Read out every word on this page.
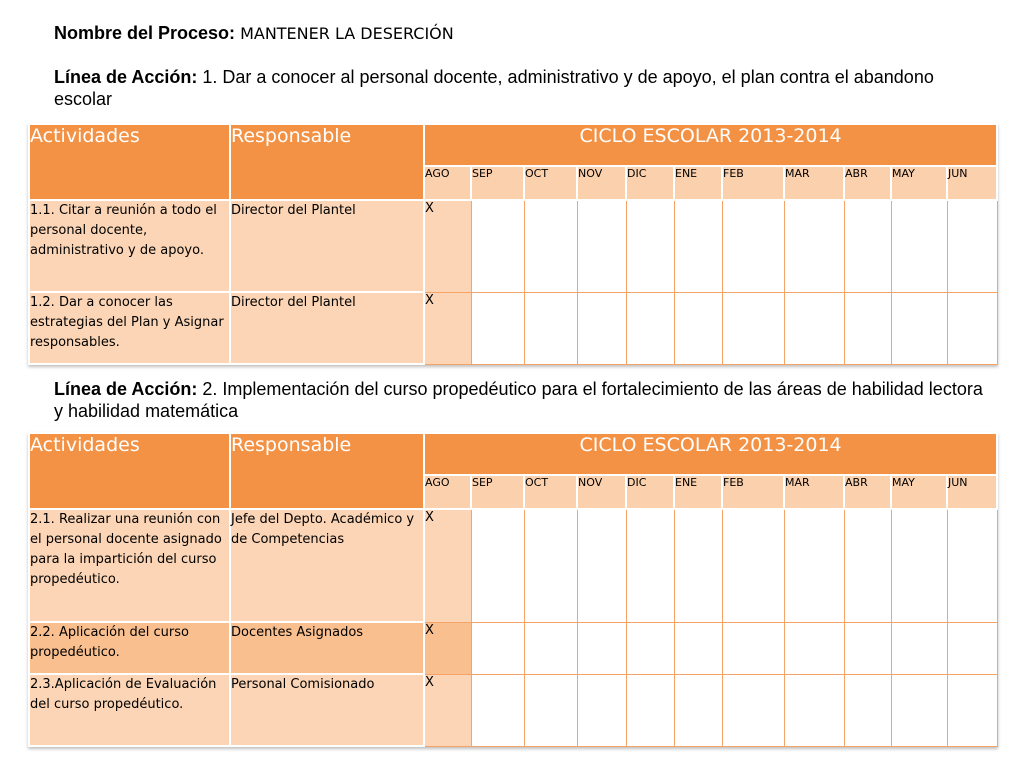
Nombre del Proceso: MANTENER LA DESERCIÓN
Línea de Acción: 1. Dar a conocer al personal docente, administrativo y de apoyo, el plan contra el abandono escolar
Actividades	Responsable	CICLO ESCOLAR 2013-2014										
		AGO	SEP	OCT	NOV	DIC	ENE	FEB	MAR	ABR	MAY	JUN
1.1. Citar a reunión a todo el personal docente, administrativo y de apoyo.	Director del Plantel	X										
1.2. Dar a conocer las estrategias del Plan y Asignar responsables.	Director del Plantel	X										
Línea de Acción: 2. Implementación del curso propedéutico para el fortalecimiento de las áreas de habilidad lectora y habilidad matemática
Actividades	Responsable	CICLO ESCOLAR 2013-2014										
		AGO	SEP	OCT	NOV	DIC	ENE	FEB	MAR	ABR	MAY	JUN
2.1. Realizar una reunión con el personal docente asignado para la impartición del curso propedéutico.	Jefe del Depto. Académico y de Competencias	X										
2.2. Aplicación del curso propedéutico.	Docentes Asignados	X										
2.3.Aplicación de Evaluación del curso propedéutico.	Personal Comisionado	X										
